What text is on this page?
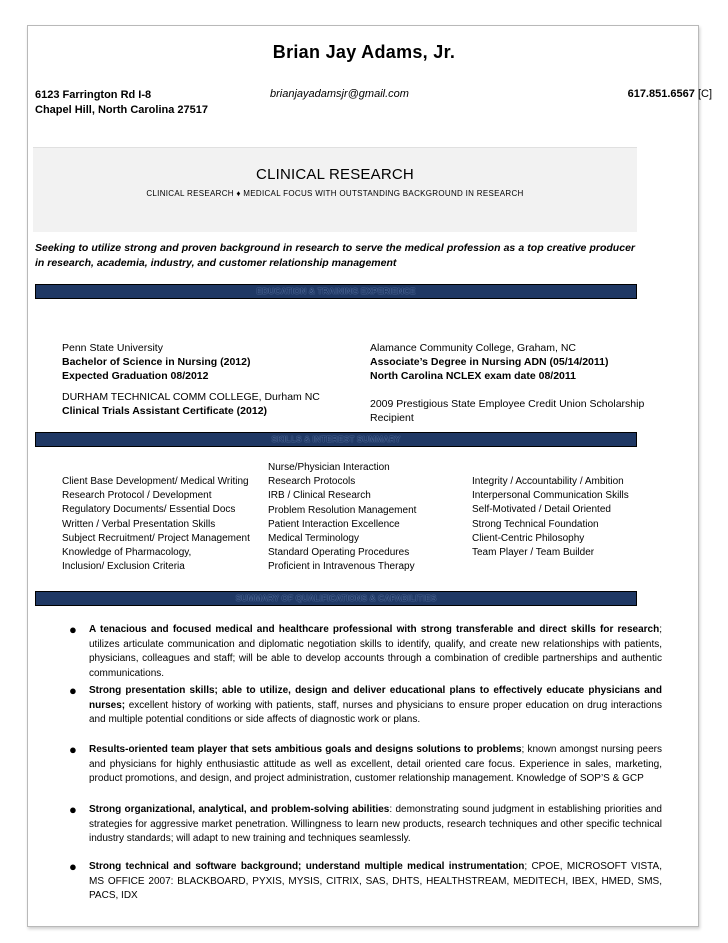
Brian Jay Adams, Jr.
6123 Farrington Rd I-8
Chapel Hill, North Carolina 27517
brianjayadamsjr@gmail.com	617.851.6567 [C]
CLINICAL RESEARCH
CLINICAL RESEARCH ♦ MEDICAL FOCUS WITH OUTSTANDING BACKGROUND IN RESEARCH
Seeking to utilize strong and proven background in research to serve the medical profession as a top creative producer in research, academia, industry, and customer relationship management
EDUCATION & TRAINING EXPERIENCE
Penn State University
Bachelor of Science in Nursing (2012)
Expected Graduation 08/2012
DURHAM TECHNICAL COMM COLLEGE, Durham NC
Clinical Trials Assistant Certificate (2012)
Alamance Community College, Graham, NC
Associate’s Degree in Nursing ADN (05/14/2011)
North Carolina NCLEX exam date 08/2011
2009 Prestigious State Employee Credit Union Scholarship Recipient
SKILLS & INTEREST SUMMARY
Client Base Development/ Medical Writing
Research Protocol / Development
Regulatory Documents/ Essential Docs
Written / Verbal Presentation Skills
Subject Recruitment/ Project Management
Knowledge of Pharmacology,
Inclusion/ Exclusion Criteria
Nurse/Physician Interaction
Research Protocols
IRB / Clinical Research
Problem Resolution Management
Patient Interaction Excellence
Medical Terminology
Standard Operating Procedures
Proficient in Intravenous Therapy
Integrity / Accountability / Ambition
Interpersonal Communication Skills
Self-Motivated / Detail Oriented
Strong Technical Foundation
Client-Centric Philosophy
Team Player / Team Builder
SUMMARY OF QUALIFICATIONS & CAPABILITIES
● A tenacious and focused medical and healthcare professional with strong transferable and direct skills for research; utilizes articulate communication and diplomatic negotiation skills to identify, qualify, and create new relationships with patients, physicians, colleagues and staff; will be able to develop accounts through a combination of credible partnerships and authentic communications.
● Strong presentation skills; able to utilize, design and deliver educational plans to effectively educate physicians and nurses; excellent history of working with patients, staff, nurses and physicians to ensure proper education on drug interactions and multiple potential conditions or side affects of diagnostic work or plans.
● Results-oriented team player that sets ambitious goals and designs solutions to problems; known amongst nursing peers and physicians for highly enthusiastic attitude as well as excellent, detail oriented care focus. Experience in sales, marketing, product promotions, and design, and project administration, customer relationship management. Knowledge of SOP’S & GCP
● Strong organizational, analytical, and problem-solving abilities: demonstrating sound judgment in establishing priorities and strategies for aggressive market penetration. Willingness to learn new products, research techniques and other specific technical industry standards; will adapt to new training and techniques seamlessly.
● Strong technical and software background; understand multiple medical instrumentation; CPOE, MICROSOFT VISTA, MS OFFICE 2007: BLACKBOARD, PYXIS, MYSIS, CITRIX, SAS, DHTS, HEALTHSTREAM, MEDITECH, IBEX, HMED, SMS, PACS, IDX
